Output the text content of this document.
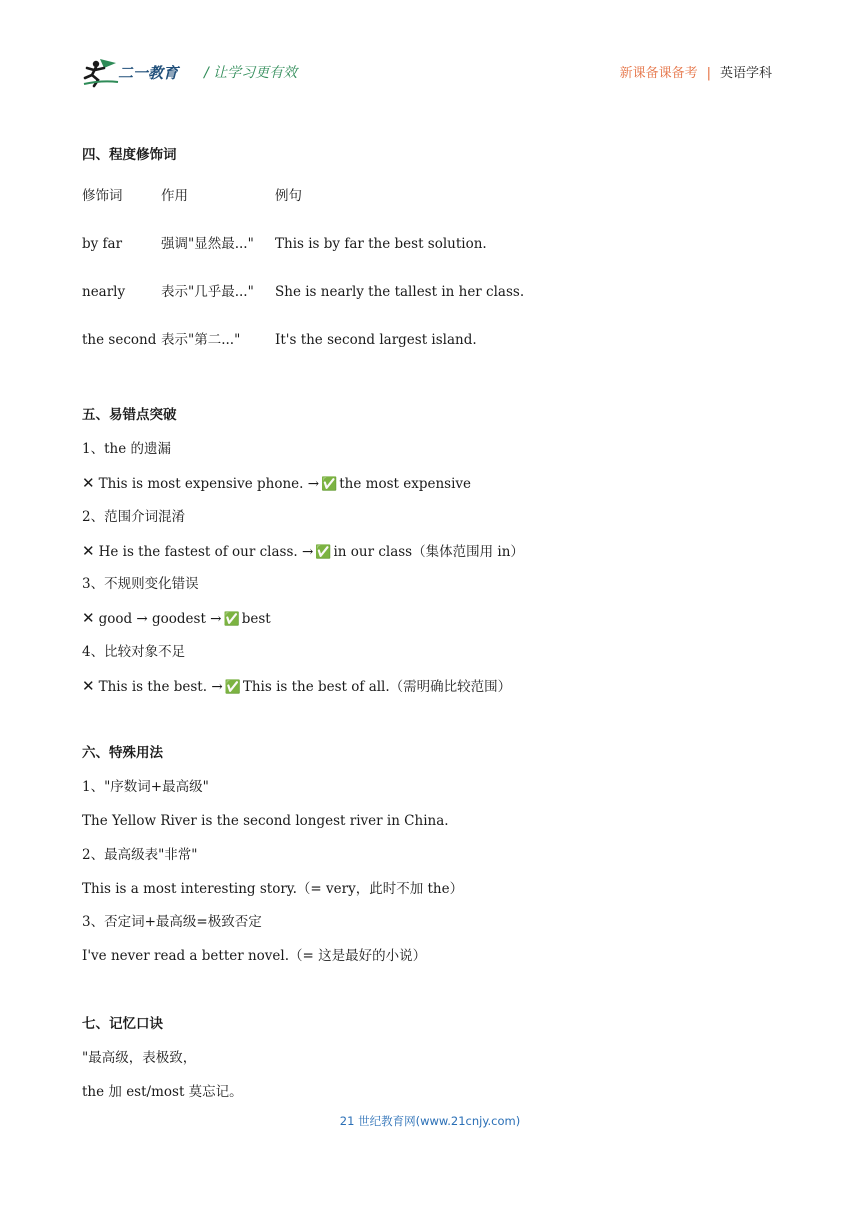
二一教育 / 让学习更有效	新课备课备考 | 英语学科
四、程度修饰词
修饰词	作用	例句
by far	强调"显然最..." This is by far the best solution.
nearly	表示"几乎最..." She is nearly the tallest in her class.
the second 表示"第二..."	It's the second largest island.
五、易错点突破
1、the 的遗漏
✕ This is most expensive phone. → ✅ the most expensive
2、范围介词混淆
✕ He is the fastest of our class. → ✅ in our class（集体范围用 in）
3、不规则变化错误
✕ good → goodest → ✅ best
4、比较对象不足
✕ This is the best. → ✅ This is the best of all.（需明确比较范围）
六、特殊用法
1、"序数词+最高级"
The Yellow River is the second longest river in China.
2、最高级表"非常"
This is a most interesting story.（= very，此时不加 the）
3、否定词+最高级=极致否定
I've never read a better novel.（= 这是最好的小说）
七、记忆口诀
"最高级，表极致，
the 加 est/most 莫忘记。
21 世纪教育网(www.21cnjy.com)
